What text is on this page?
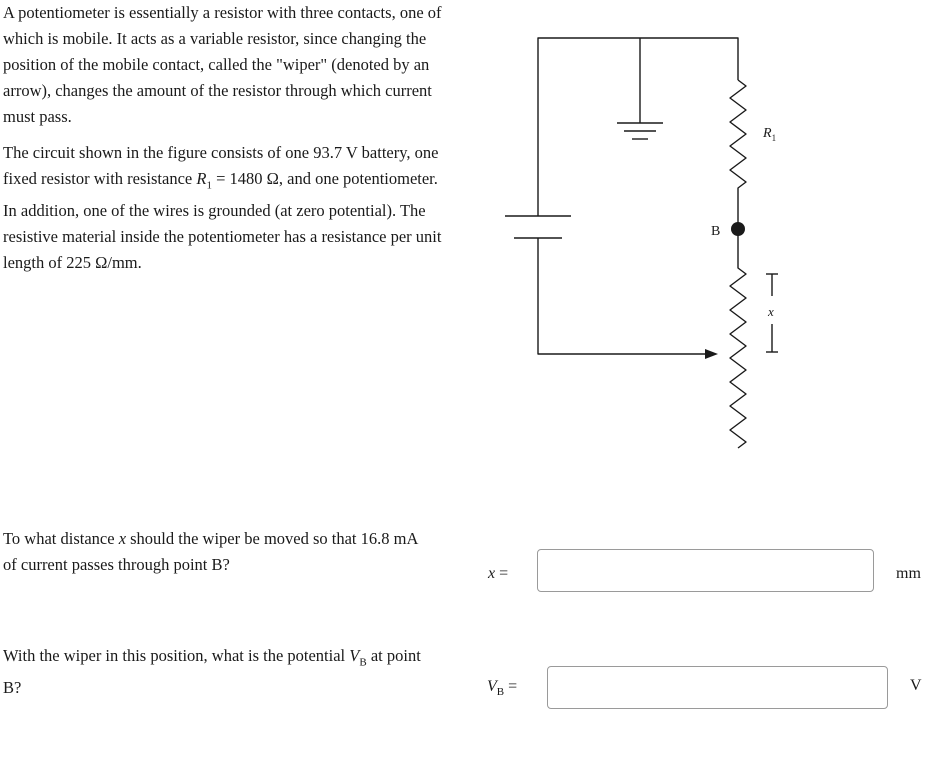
A potentiometer is essentially a resistor with three contacts, one of which is mobile. It acts as a variable resistor, since changing the position of the mobile contact, called the "wiper" (denoted by an arrow), changes the amount of the resistor through which current must pass.

The circuit shown in the figure consists of one 93.7 V battery, one fixed resistor with resistance $R_1 = 1480$ Ω, and one potentiometer. In addition, one of the wires is grounded (at zero potential). The resistive material inside the potentiometer has a resistance per unit length of 225 Ω/mm.

B
$R_1$
x

To what distance x should the wiper be moved so that 16.8 mA of current passes through point B?	x =	mm

With the wiper in this position, what is the potential $V_B$ at point B?	$V_B$ =	V
